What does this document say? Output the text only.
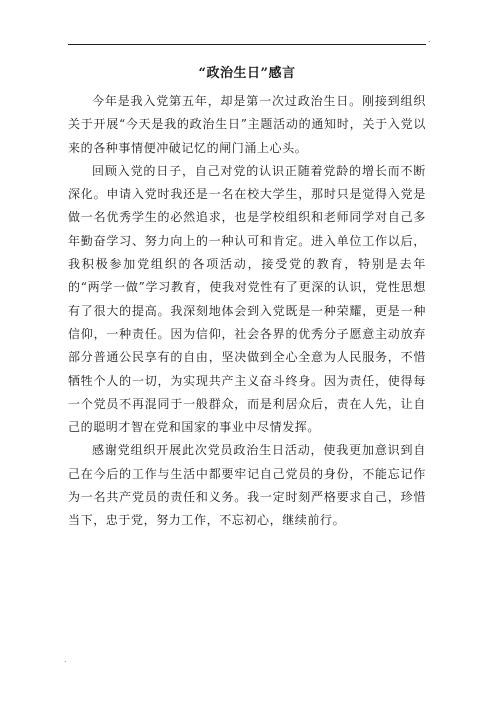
.
“政治生日”感言

今年是我入党第五年，却是第一次过政治生日。刚接到组织关于开展“今天是我的政治生日”主题活动的通知时，关于入党以来的各种事情便冲破记忆的闸门涌上心头。

回顾入党的日子，自己对党的认识正随着党龄的增长而不断深化。申请入党时我还是一名在校大学生，那时只是觉得入党是做一名优秀学生的必然追求，也是学校组织和老师同学对自己多年勤奋学习、努力向上的一种认可和肯定。进入单位工作以后，我积极参加党组织的各项活动，接受党的教育，特别是去年的“两学一做”学习教育，使我对党性有了更深的认识，党性思想有了很大的提高。我深刻地体会到入党既是一种荣耀，更是一种信仰，一种责任。因为信仰，社会各界的优秀分子愿意主动放弃部分普通公民享有的自由，坚决做到全心全意为人民服务，不惜牺牲个人的一切，为实现共产主义奋斗终身。因为责任，使得每一个党员不再混同于一般群众，而是利居众后，责在人先，让自己的聪明才智在党和国家的事业中尽情发挥。

感谢党组织开展此次党员政治生日活动，使我更加意识到自己在今后的工作与生活中都要牢记自己党员的身份，不能忘记作为一名共产党员的责任和义务。我一定时刻严格要求自己，珍惜当下，忠于党，努力工作，不忘初心，继续前行。

.
